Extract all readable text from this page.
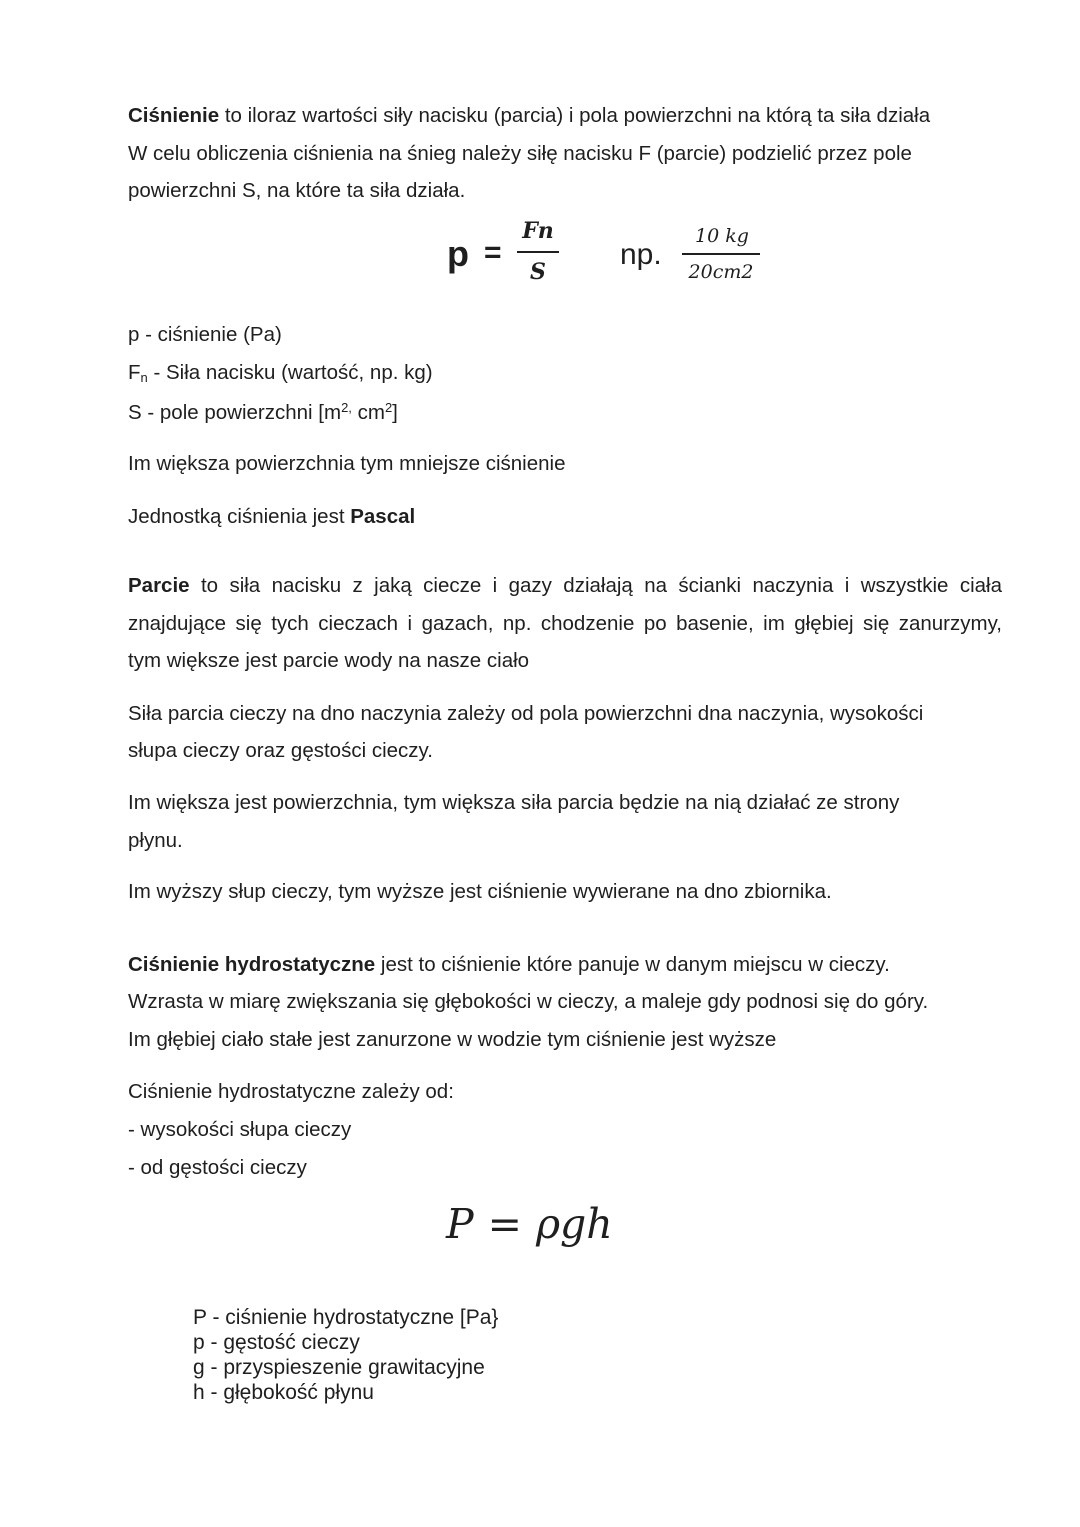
Ciśnienie to iloraz wartości siły nacisku (parcia) i pola powierzchni na którą ta siła działa
W celu obliczenia ciśnienia na śnieg należy siłę nacisku F (parcie) podzielić przez pole
powierzchni S, na które ta siła działa.
p =
Fn
S
np.
10 kg
20cm2
p - ciśnienie (Pa)
$F_n$ - Siła nacisku (wartość, np. kg)
S - pole powierzchni [$m^{2,}$ $cm^2$]
Im większa powierzchnia tym mniejsze ciśnienie
Jednostką ciśnienia jest Pascal
Parcie to siła nacisku z jaką ciecze i gazy działają na ścianki naczynia i wszystkie ciała
znajdujące się tych cieczach i gazach, np. chodzenie po basenie, im głębiej się zanurzymy,
tym większe jest parcie wody na nasze ciało
Siła parcia cieczy na dno naczynia zależy od pola powierzchni dna naczynia, wysokości
słupa cieczy oraz gęstości cieczy.
Im większa jest powierzchnia, tym większa siła parcia będzie na nią działać ze strony
płynu.
Im wyższy słup cieczy, tym wyższe jest ciśnienie wywierane na dno zbiornika.
Ciśnienie hydrostatyczne jest to ciśnienie które panuje w danym miejscu w cieczy.
Wzrasta w miarę zwiększania się głębokości w cieczy, a maleje gdy podnosi się do góry.
Im głębiej ciało stałe jest zanurzone w wodzie tym ciśnienie jest wyższe
Ciśnienie hydrostatyczne zależy od:
- wysokości słupa cieczy
- od gęstości cieczy
P = ρgh
P - ciśnienie hydrostatyczne [Pa}
p - gęstość cieczy
g - przyspieszenie grawitacyjne
h - głębokość płynu
